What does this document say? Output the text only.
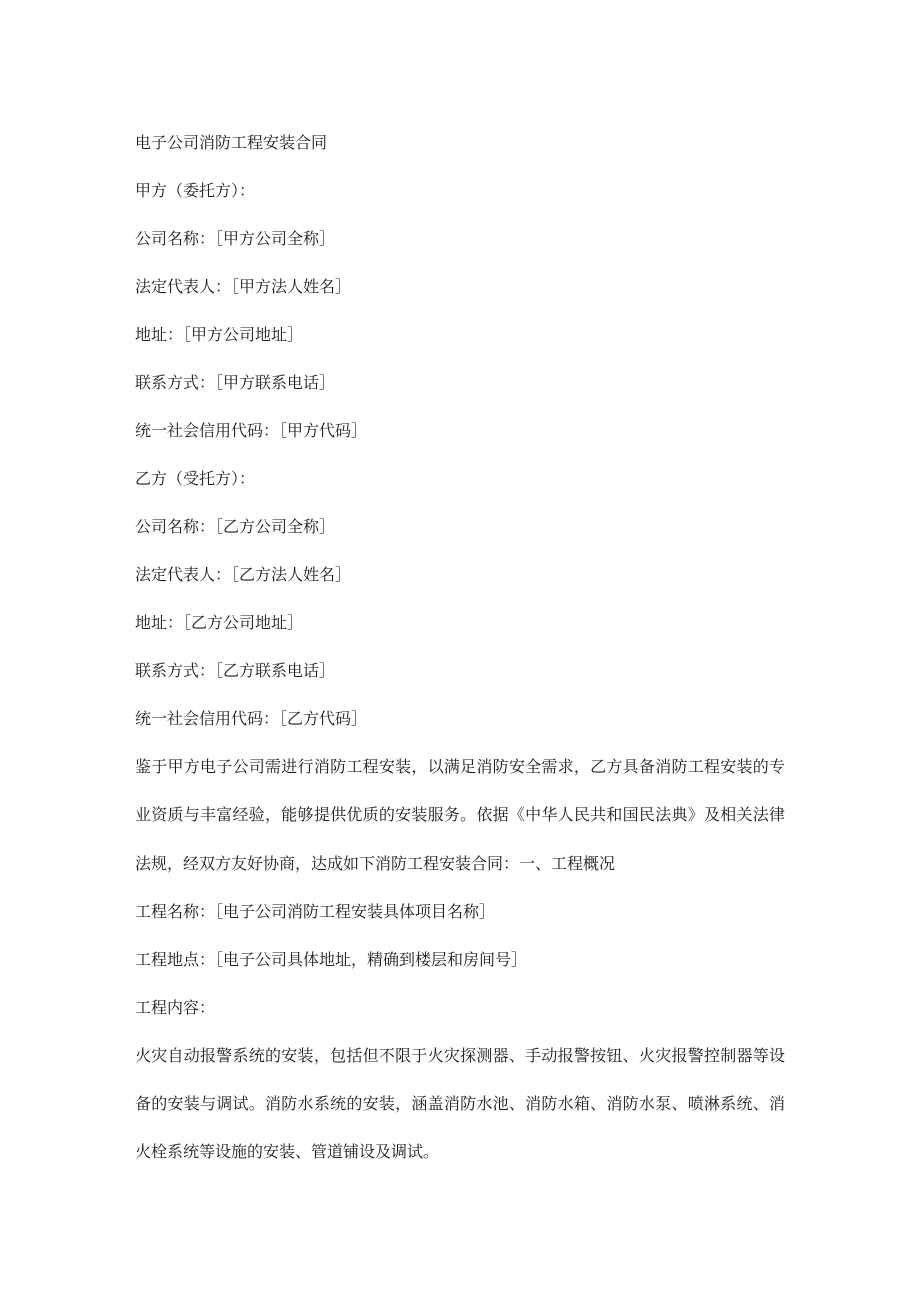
电子公司消防工程安装合同
甲方（委托方）：
公司名称：［甲方公司全称］
法定代表人：［甲方法人姓名］
地址：［甲方公司地址］
联系方式：［甲方联系电话］
统一社会信用代码：［甲方代码］
乙方（受托方）：
公司名称：［乙方公司全称］
法定代表人：［乙方法人姓名］
地址：［乙方公司地址］
联系方式：［乙方联系电话］
统一社会信用代码：［乙方代码］

鉴于甲方电子公司需进行消防工程安装，以满足消防安全需求，乙方具备消防工程安装的专业资质与丰富经验，能够提供优质的安装服务。依据《中华人民共和国民法典》及相关法律法规，经双方友好协商，达成如下消防工程安装合同：一、工程概况

工程名称：［电子公司消防工程安装具体项目名称］
工程地点：［电子公司具体地址，精确到楼层和房间号］
工程内容：

火灾自动报警系统的安装，包括但不限于火灾探测器、手动报警按钮、火灾报警控制器等设备的安装与调试。消防水系统的安装，涵盖消防水池、消防水箱、消防水泵、喷淋系统、消火栓系统等设施的安装、管道铺设及调试。
